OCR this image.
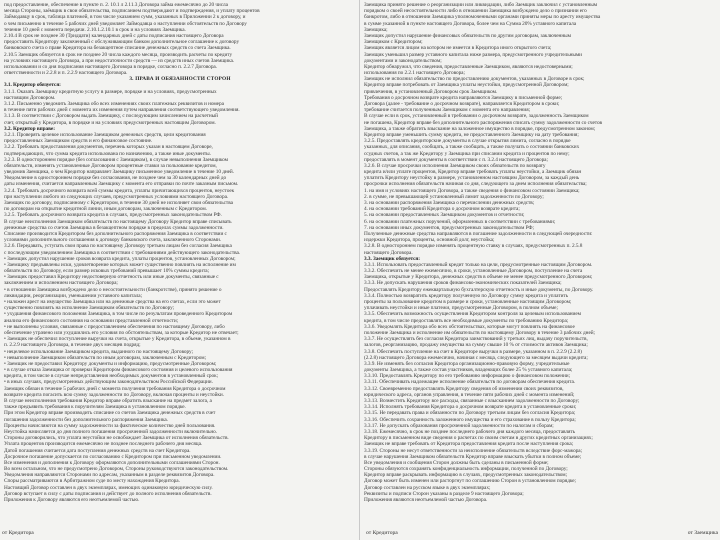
под предоставление, обеспечение в пункте п. 2. 10.1 л 2.11.3 Договора займа ежемесячно до 20 числа
месяца Стороны, заёмщик в свои обязательства, подписанием подтверждают и подтверждения, и уплату процентов
Займодавцу в срок, таблица платежей, в том числе указанием сумм, указанных в Приложении 2 к договору, и
о чем письменно в течение 5 рабочих дней уведомляет Займодавца о наступлении обстоятельств по Договору
течение 10 дней с момента передачи. 2.10.1.2.10.1 в срок и на условиях Заемщика.
2.10.4 В срок не позднее 30 (Тридцати) календарных дней с даты подписания настоящего Договора
предоставить Кредитору заключенный с обслуживающим банком дополнительное соглашение к договору
банковского счета о праве Кредитора на безакцептное списание денежных средств со счета Заемщика.
2.10.5 Заемщик обязуется в срок не позднее 20 числа каждого месяца, производить расчеты по кредиту
на условиях настоящего Договора, а при недостаточности средств — из средств иных счетов Заемщика.
использовании и со дня подписания настоящего Договора в порядке, согласно п. 2.2.7 Договора.
ответственности и 2.2.8 и п. 2.2.9 настоящего Договора.
3. ПРАВА И ОБЯЗАННОСТИ СТОРОН
3.1. Кредитор обязуется:
3.1.1. Оказать Заемщику кредитную услугу в размере, порядке и на условиях, предусмотренных
настоящим Договором.
3.1.2. Письменно уведомить Заемщика обо всех изменениях своих платежных реквизитов и номера
в течение пяти рабочих дней с момента их изменения путем направления соответствующего уведомления.
3.1.3. В соответствии с Договором выдать Заемщику, с последующим зачислением на расчетный
счет, открытый у Кредитора, в порядке и на условиях предусмотренных настоящим Договором.
3.2. Кредитор вправе:
3.2.1. Проверять целевое использование Заемщиком денежных средств, цели кредитования
предоставленных Заемщиком средств и его финансовое состояние.
3.2.2. Требовать предоставления документов, перечень которых указан в настоящем Договоре,
подтверждающих, что сумма кредита использована по назначению, а также иные документы.
3.2.3. В одностороннем порядке (без согласования с Заемщиком), в случае невыполнения Заемщиком
обязательств, изменять установленные Договором процентные ставки за пользование кредитом,
уведомив Заемщика, о чем Кредитор направляет Заемщику письменное уведомление в течение 10 дней.
Уведомление в одностороннем порядке без согласования, не позднее чем за 30 календарных дней до
даты изменения, считается направленным Заемщику с момента его отправки по почте заказным письмом.
3.2.4. Требовать досрочного возврата всей суммы кредита, уплаты причитающихся процентов, неустоек
при наступлении любого из следующих случаев, предусмотренных условиями настоящего Договора.
Заемщик по договору, подписанному с Кредитором, в течение 30 дней не исполняет свои обязательства
по договорам на открытие кредитной линии, иным договорам, заключенным с Кредитором.
3.2.5. Требовать досрочного возврата кредита в случаях, предусмотренных законодательством РФ.
В случае неисполнения Заемщиком обязательств по настоящему Договору Кредитор вправе списывать
денежные средства со счетов Заемщика в безакцептном порядке в пределах суммы задолженности.
Списание производится Кредитором без дополнительного распоряжения Заемщика в соответствии с
условиями дополнительного соглашения к договору банковского счета, заключенного Сторонами.
3.2.6. Передавать, уступать свои права по настоящему Договору третьим лицам без согласия Заемщика
с последующим уведомлением Заемщика в соответствии с требованиями действующего законодательства.
• Заемщик допустил нарушение сроков возврата кредита, уплаты процентов, установленных Договором;
• Заемщику предъявлены иски, удовлетворение которых может существенно повлиять на исполнение им
обязательств по Договору, если размер исковых требований превышает 10% суммы кредита;
• Заемщик предоставил Кредитору недостоверную отчетность или иные документы, связанные с
заключением и исполнением настоящего Договора;
• в отношении Заемщика возбуждено дело о несостоятельности (банкротстве), принято решение о
ликвидации, реорганизации, уменьшении уставного капитала;
• наложен арест на имущество Заемщика или на денежные средства на его счетах, если это может
существенно повлиять на исполнение Заемщиком обязательств по Договору;
• ухудшения финансового положения Заемщика, в том числе по результатам проведенного Кредитором
анализа его финансового состояния на основании представленной отчетности;
• не выполнены условия, связанные с предоставлением обеспечения по настоящему Договору, либо
обеспечение утрачено или ухудшились его условия по обстоятельствам, за которые Кредитор не отвечает;
• Заемщик не обеспечил поступление выручки на счета, открытые у Кредитора, в объеме, указанном в
п. 2.2.9 настоящего Договора, в течение двух месяцев подряд;
• нецелевое использование Заемщиком кредита, выданного по настоящему Договору;
• невыполнение Заемщиком обязательств по иным договорам, заключенным с Кредитором;
• Заемщик не предоставил Кредитору документы и информацию, предусмотренные Договором;
• в случае отказа Заемщика от проверки Кредитором финансового состояния и целевого использования
кредита, в том числе в случае непредставления необходимых документов в установленный срок;
• в иных случаях, предусмотренных действующим законодательством Российской Федерации.
Заемщик обязан в течение 5 рабочих дней с момента получения требования Кредитора о досрочном
возврате кредита погасить всю сумму задолженности по Договору, включая проценты и неустойки.
В случае неисполнения требования Кредитор вправе обратить взыскание на предмет залога, а
также предъявить требования к поручителям Заемщика в установленном порядке.
При этом Кредитор вправе производить списание со счетов Заемщика денежных средств в счет
погашения задолженности без дополнительного распоряжения Заемщика.
Проценты начисляются на сумму задолженности за фактическое количество дней пользования.
Неустойка начисляется до дня полного погашения просроченной задолженности включительно.
Стороны договорились, что уплата неустойки не освобождает Заемщика от исполнения обязательств.
Уплата процентов производится ежемесячно не позднее последнего рабочего дня месяца.
Датой погашения считается дата поступления денежных средств на счет Кредитора.
Досрочное погашение допускается по согласованию с Кредитором при письменном уведомлении.
Все изменения и дополнения к Договору оформляются дополнительными соглашениями Сторон.
Во всем остальном, что не предусмотрено Договором, Стороны руководствуются законодательством.
Уведомления направляются Сторонами по адресам, указанным в разделе реквизитов Договора.
Споры рассматриваются в Арбитражном суде по месту нахождения Кредитора.
Настоящий Договор составлен в двух экземплярах, имеющих одинаковую юридическую силу.
Договор вступает в силу с даты подписания и действует до полного исполнения обязательств.
Приложения к Договору являются его неотъемлемой частью.
Заемщика принято решение о реорганизации или ликвидации, либо Заемщик заключил с установленным
порядком о своей несостоятельности либо в отношении Заемщика возбуждено дело о признании его
банкротом, либо в отношении Заемщика уполномоченными органами приняты меры по аресту имущества
в сумме указанной в пункте настоящего Договора, более чем на Сумма 20% уставного капитала
Заемщика;
Заемщик допустил нарушение финансовых обязательств по другим договорам, заключенным
Заемщиком с Кредитором;
Заемщик является лицом на котором не имеется в Кредитора иного открытого счета;
Заемщик уменьшил размер уставного капитала ниже размера, предусмотренного учредительными
документами и законодательством;
Кредитор обнаружил, что сведения, предоставленные Заемщиком, являются недостоверными;
использования по 2.2.1 настоящего Договора;
Заемщик не исполнил обязательство по предоставлению документов, указанных в Договоре в срок;
Кредитор вправе потребовать от Заемщика уплаты неустойки, предусмотренной Договором;
привлечения, в установленный Договором срок Заемщиком.
Требования о досрочном возврате кредита направляются Заемщику в письменной форме;
Договора (далее - требование о досрочном возврате), направляется Кредитором в сроки;
требование считается полученным Заемщиком с момента его направления;
В случае если в срок, установленный в требовании о досрочном возврате, задолженность Заемщиком
не погашена, Кредитор вправе без дополнительного распоряжения списать сумму задолженности со счетов
Заемщика, а также обратить взыскание на заложенное имущество в порядке, предусмотренном законом;
Кредитор вправе уменьшить сумму кредита, не предоставленного Заемщику на дату требования;
3.2.5. Предоставлять кредиторские документы в случае открытия лимита, согласно в порядке
указанных, для описания, сообщать, а также сообщать, а также получать о состоянии банковских
ссудных счетов, а так же Кредитору у Заемщика при списании кредита и процентов по нему;
предоставлять в момент документы в соответствии с п. 3.2.4 настоящего Договора;
3.2.6. В случае просрочки исполнения Заемщиком своих обязательств по возврату
кредита и/или уплате процентов, Кредитор вправе требовать уплаты неустойки, а Заемщик обязан
уплатить Кредитору неустойку в размере, установленном настоящим Договором, за каждый день
просрочки исполнения обязательств начиная со дня, следующего за днем исполнения обязательства;
1. на имя и условиях настоящего Договора, а также сведения о финансовом состоянии Заемщика;
2. в сумме, не превышающей установленный лимит задолженности по Договору;
3. на основании распоряжения Заемщика о перечислении денежных средств;
4. на основании требований Кредитора о досрочном возврате кредита;
5. на основании предоставленных Заемщиком документов и отчетности;
6. на основании платежных поручений, оформленных в соответствии с требованиями;
7. на основании иных документов, предусмотренных законодательством РФ;
Полученные денежные средства направляются в погашение задолженности в следующей очередности:
издержки Кредитора, проценты, основной долг, неустойка;
3.2.8. В одностороннем порядке изменять процентную ставку в случаях, предусмотренных п. 2.5.8
настоящего Договора.
3.3. Заемщик обязуется:
3.3.1. Использовать предоставленный кредит только на цели, предусмотренные настоящим Договором.
3.3.2. Обеспечить не менее ежемесячно, в сроки, установленные Договором, поступление на счета
Заемщика, открытые у Кредитора, денежных средств в объеме не менее предусмотренного Договором;
3.3.3. Не допускать нарушения сроков финансово-экономических показателей Заемщика;
Предоставлять Кредитору ежеквартальную бухгалтерскую отчетность и иные документы, по Договору.
3.3.4. Полностью возвратить кредитору полученную по Договору сумму кредита и уплатить
проценты за пользование кредитом в размере и сроки, установленные настоящим Договором;
уплачивать неустойки и иные платежи, предусмотренные Договором, в полном объеме;
3.3.5. Обеспечить возможность осуществления Кредитором контроля за целевым использованием
кредита, в том числе предоставлять все необходимые документы по требованию Кредитора;
3.3.6. Уведомлять Кредитора обо всех обстоятельствах, которые могут повлиять на финансовое
положение Заемщика и исполнение им обязательств по настоящему Договору в течение 3 рабочих дней;
3.3.7. Не осуществлять без согласия Кредитора заимствований у третьих лиц, выдачу поручительств,
залогов, реорганизацию, продажу имущества на сумму свыше 10 % от стоимости активов Заемщика;
3.3.8. Обеспечить поступление на счет в Кредиторе выручки в размере, указанном в п. 2.2.9 (2.2.8)
(2.2.8) настоящего Договора ежемесячно, начиная с месяца, следующего за месяцем выдачи кредита;
3.3.9. Не изменять без согласия Кредитора организационно-правовую форму, учредительные
документы Заемщика, а также состав участников, владеющих более 25 % уставного капитала;
3.3.10. Предоставлять Кредитору по его требованию информацию о финансовом положении;
3.3.11. Обеспечивать надлежащее исполнение обязательств по договорам обеспечения кредита.
3.3.12. Своевременно предоставлять Кредитору сведения об изменении своих реквизитов,
юридического адреса, органов управления, в течение пяти рабочих дней с момента изменений;
3.3.13. Возместить Кредитору все расходы, связанные с взысканием задолженности по Договору;
3.3.14. Исполнять требования Кредитора о досрочном возврате кредита в установленные сроки;
3.3.15. Не передавать права и обязанности по Договору третьим лицам без согласия Кредитора;
3.3.16. Обеспечить сохранность заложенного имущества и его страхование в пользу Кредитора;
3.3.17. Не допускать образования просроченной задолженности по налогам и сборам;
3.3.18. Ежемесячно, в срок не позднее последнего рабочего дня каждого месяца, предоставлять
Кредитору в письменном виде сведения о расчетах по своим счетам в других кредитных организациях;
Заемщик не вправе требовать от Кредитора предоставления кредита после наступления срока;
3.3.19. Стороны не несут ответственности за неисполнение обязательств вследствие форс-мажора;
в случае нарушения Заемщиком обязательств Кредитор вправе взыскать убытки в полном объеме;
Все уведомления и сообщения Сторон должны быть сделаны в письменной форме;
Стороны обязуются сохранять конфиденциальность информации, полученной по Договору;
Кредитор вправе раскрывать информацию в случаях, предусмотренных законодательством;
Договор может быть изменен или расторгнут по соглашению Сторон в установленном порядке;
Договор составлен на русском языке в двух экземплярах;
Реквизиты и подписи Сторон указаны в разделе 9 настоящего Договора;
Приложения являются неотъемлемой частью Договора.
от Кредитора	от Заемщика
от Кредитора
